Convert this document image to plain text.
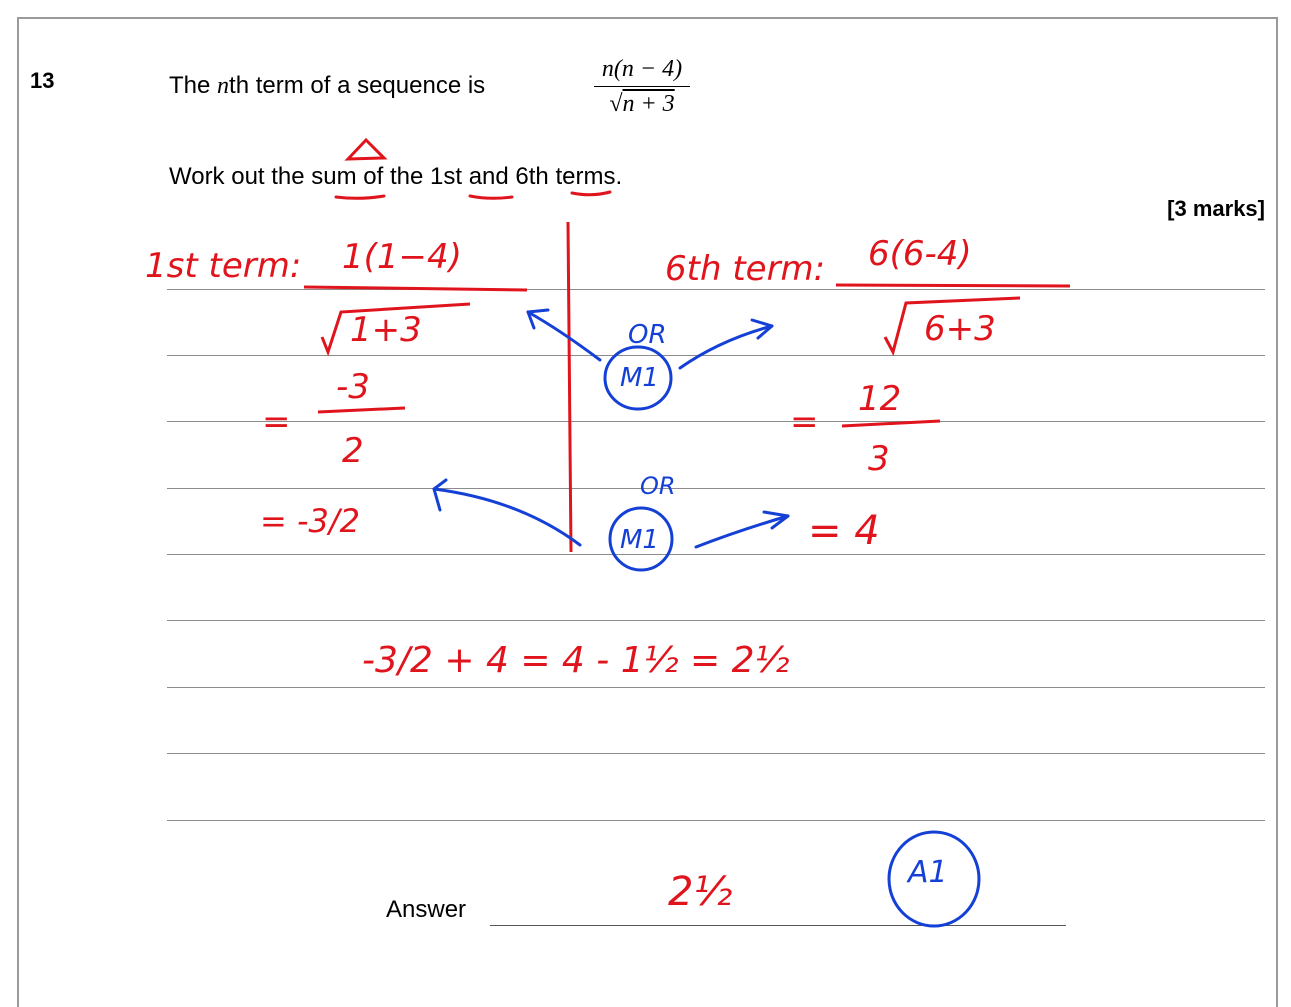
13	The nth term of a sequence is
n(n − 4)
√n + 3
Work out the sum of the 1st and 6th terms.
[3 marks]
Answer
1st term: 1(1−4)
1+3
=
-3
2
= -3/2
6th term: 6(6-4)
6+3
=
12
3
= 4
-3/2 + 4 = 4 - 1½ = 2½
2½
OR
M1
OR
M1
A1
